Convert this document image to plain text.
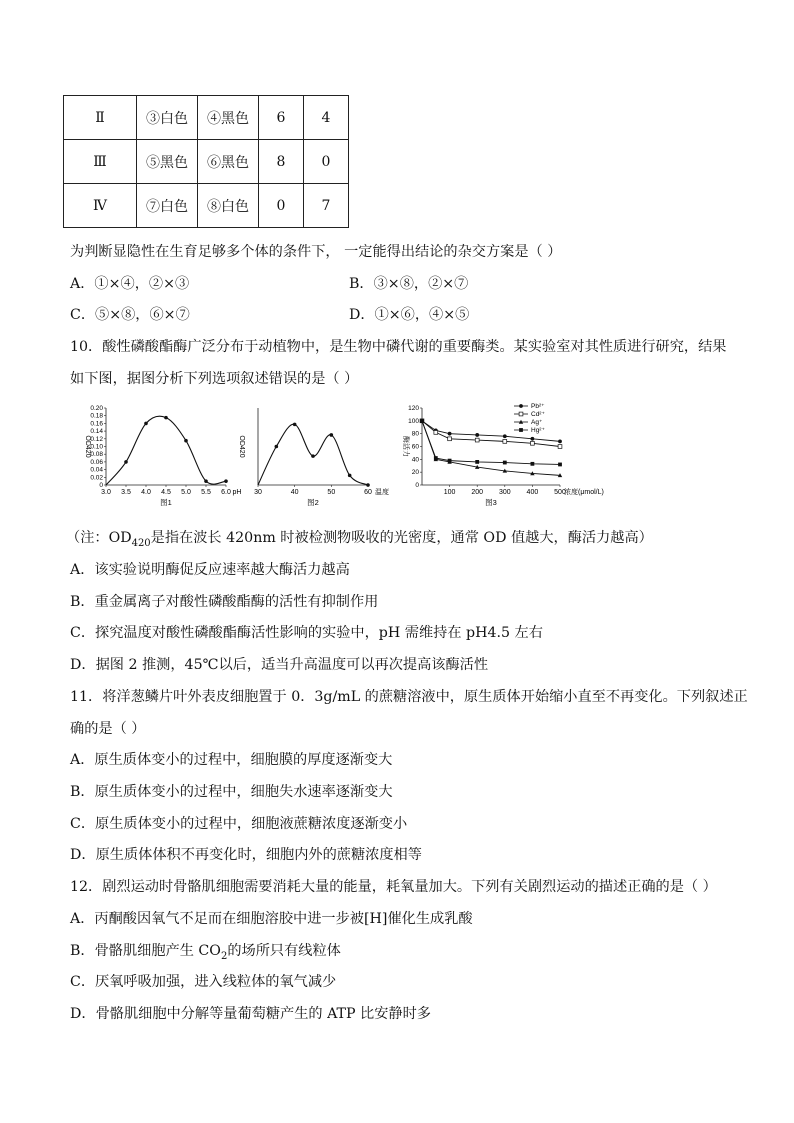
Ⅱ	③白色	④黑色	6	4
Ⅲ	⑤黑色	⑥黑色	8	0
Ⅳ	⑦白色	⑧白色	0	7
为判断显隐性在生育足够多个体的条件下， 一定能得出结论的杂交方案是（ ）
A．①×④，②×③	B．③×⑧，②×⑦
C．⑤×⑧，⑥×⑦	D．①×⑥，④×⑤
10．酸性磷酸酯酶广泛分布于动植物中，是生物中磷代谢的重要酶类。某实验室对其性质进行研究，结果
如下图，据图分析下列选项叙述错误的是（ ）
0
0.02
0.04
0.06
0.08
0.10
0.12
0.14
0.16
0.18
0.20
3.0 3.5 4.0 4.5 5.0 5.5 6.0 pH
OD420
图1
30	40	50	60 温度
OD420
图2
0
20
40
60
80
100
120
100 200 300 400 500
浓度(μmol/L)
酶活力
Pb²⁺
Cd²⁺
Ag⁺
Hg²⁺
图3
（注：$OD_{420}$是指在波长 420nm 时被检测物吸收的光密度，通常 OD 值越大，酶活力越高）
A．该实验说明酶促反应速率越大酶活力越高
B．重金属离子对酸性磷酸酯酶的活性有抑制作用
C．探究温度对酸性磷酸酯酶活性影响的实验中，pH 需维持在 pH4.5 左右
D．据图 2 推测，45℃以后，适当升高温度可以再次提高该酶活性
11．将洋葱鳞片叶外表皮细胞置于 0．3g/mL 的蔗糖溶液中，原生质体开始缩小直至不再变化。下列叙述正
确的是（ ）
A．原生质体变小的过程中，细胞膜的厚度逐渐变大
B．原生质体变小的过程中，细胞失水速率逐渐变大
C．原生质体变小的过程中，细胞液蔗糖浓度逐渐变小
D．原生质体体积不再变化时，细胞内外的蔗糖浓度相等
12．剧烈运动时骨骼肌细胞需要消耗大量的能量，耗氧量加大。下列有关剧烈运动的描述正确的是（ ）
A．丙酮酸因氧气不足而在细胞溶胶中进一步被[H]催化生成乳酸
B．骨骼肌细胞产生 $CO_2$的场所只有线粒体
C．厌氧呼吸加强，进入线粒体的氧气减少
D．骨骼肌细胞中分解等量葡萄糖产生的 ATP 比安静时多
